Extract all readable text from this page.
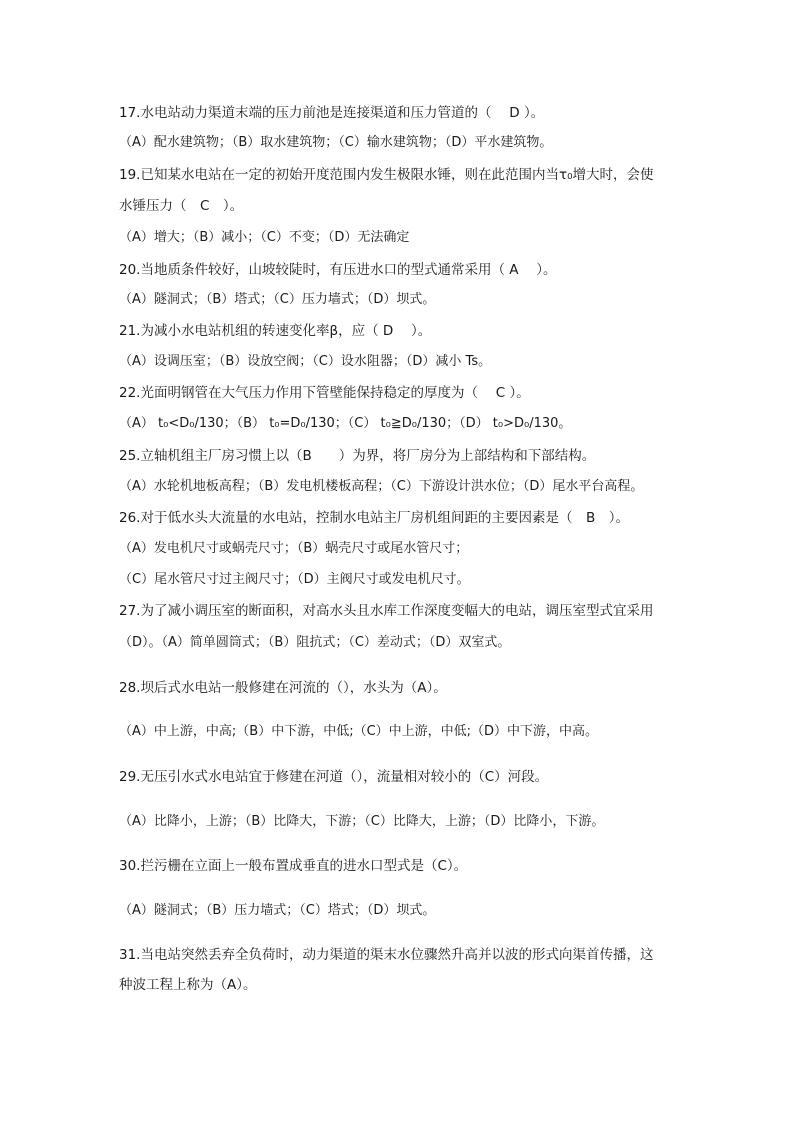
17.水电站动力渠道末端的压力前池是连接渠道和压力管道的（　 D ）。
（A）配水建筑物；（B）取水建筑物；（C）输水建筑物；（D）平水建筑物。
19.已知某水电站在一定的初始开度范围内发生极限水锤，则在此范围内当τ₀增大时，会使
水锤压力（　C　）。
（A）增大；（B）减小；（C）不变；（D）无法确定
20.当地质条件较好，山坡较陡时，有压进水口的型式通常采用（ A　 ）。
（A）隧洞式；（B）塔式；（C）压力墙式；（D）坝式。
21.为减小水电站机组的转速变化率β，应（ D　 ）。
（A）设调压室；（B）设放空阀；（C）设水阻器；（D）减小 Ts。
22.光面明钢管在大气压力作用下管壁能保持稳定的厚度为（　 C ）。
（A） t₀<D₀/130；（B） t₀=D₀/130；（C） t₀≧D₀/130；（D） t₀>D₀/130。
25.立轴机组主厂房习惯上以（B　　）为界，将厂房分为上部结构和下部结构。
（A）水轮机地板高程；（B）发电机楼板高程；（C）下游设计洪水位；（D）尾水平台高程。
26.对于低水头大流量的水电站，控制水电站主厂房机组间距的主要因素是（　B　）。
（A）发电机尺寸或蜗壳尺寸；（B）蜗壳尺寸或尾水管尺寸；
（C）尾水管尺寸过主阀尺寸；（D）主阀尺寸或发电机尺寸。
27.为了减小调压室的断面积，对高水头且水库工作深度变幅大的电站，调压室型式宜采用
（D）。（A）简单圆筒式；（B）阻抗式；（C）差动式；（D）双室式。
28.坝后式水电站一般修建在河流的（），水头为（A）。
（A）中上游，中高;（B）中下游，中低;（C）中上游，中低;（D）中下游，中高。
29.无压引水式水电站宜于修建在河道（），流量相对较小的（C）河段。
（A）比降小，上游；（B）比降大，下游；（C）比降大，上游；（D）比降小，下游。
30.拦污栅在立面上一般布置成垂直的进水口型式是（C）。
（A）隧洞式；（B）压力墙式；（C）塔式；（D）坝式。
31.当电站突然丢弃全负荷时，动力渠道的渠末水位骤然升高并以波的形式向渠首传播，这
种波工程上称为（A）。
